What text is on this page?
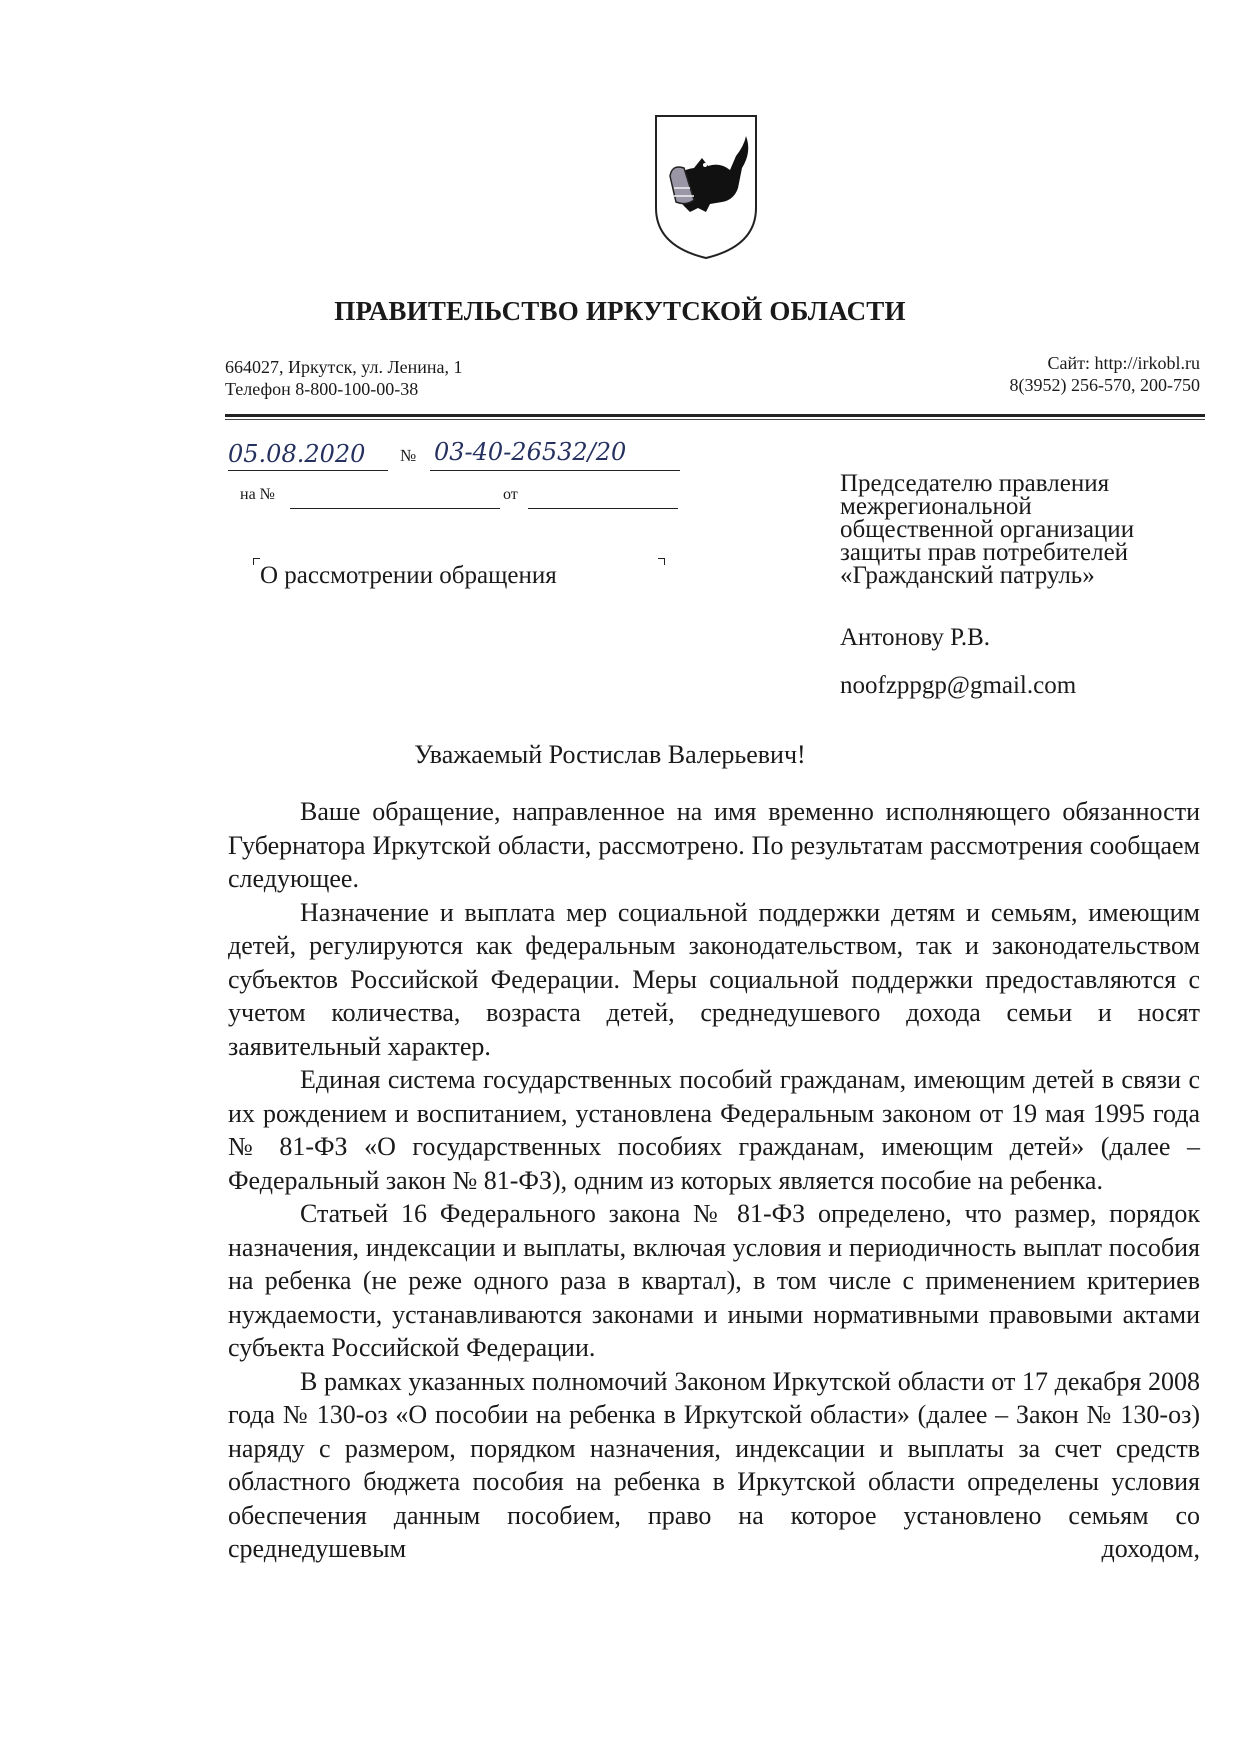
ПРАВИТЕЛЬСТВО ИРКУТСКОЙ ОБЛАСТИ
664027, Иркутск, ул. Ленина, 1
Телефон 8-800-100-00-38
Сайт: http://irkobl.ru
8(3952) 256-570, 200-750
05.08.2020 № 03-40-26532/20
на №	от
О рассмотрении обращения
Председателю правления
межрегиональной
общественной организации
защиты прав потребителей
«Гражданский патруль»
Антонову Р.В.
noofzppgp@gmail.com
Уважаемый Ростислав Валерьевич!

Ваше обращение, направленное на имя временно исполняющего обязанности Губернатора Иркутской области, рассмотрено. По результатам рассмотрения сообщаем следующее.

Назначение и выплата мер социальной поддержки детям и семьям, имеющим детей, регулируются как федеральным законодательством, так и законодательством субъектов Российской Федерации. Меры социальной поддержки предоставляются с учетом количества, возраста детей, среднедушевого дохода семьи и носят заявительный характер.

Единая система государственных пособий гражданам, имеющим детей в связи с их рождением и воспитанием, установлена Федеральным законом от 19 мая 1995 года № 81-ФЗ «О государственных пособиях гражданам, имеющим детей» (далее – Федеральный закон № 81-ФЗ), одним из которых является пособие на ребенка.

Статьей 16 Федерального закона № 81-ФЗ определено, что размер, порядок назначения, индексации и выплаты, включая условия и периодичность выплат пособия на ребенка (не реже одного раза в квартал), в том числе с применением критериев нуждаемости, устанавливаются законами и иными нормативными правовыми актами субъекта Российской Федерации.

В рамках указанных полномочий Законом Иркутской области от 17 декабря 2008 года № 130-оз «О пособии на ребенка в Иркутской области» (далее – Закон № 130-оз) наряду с размером, порядком назначения, индексации и выплаты за счет средств областного бюджета пособия на ребенка в Иркутской области определены условия обеспечения данным пособием, право на которое установлено семьям со среднедушевым доходом,
